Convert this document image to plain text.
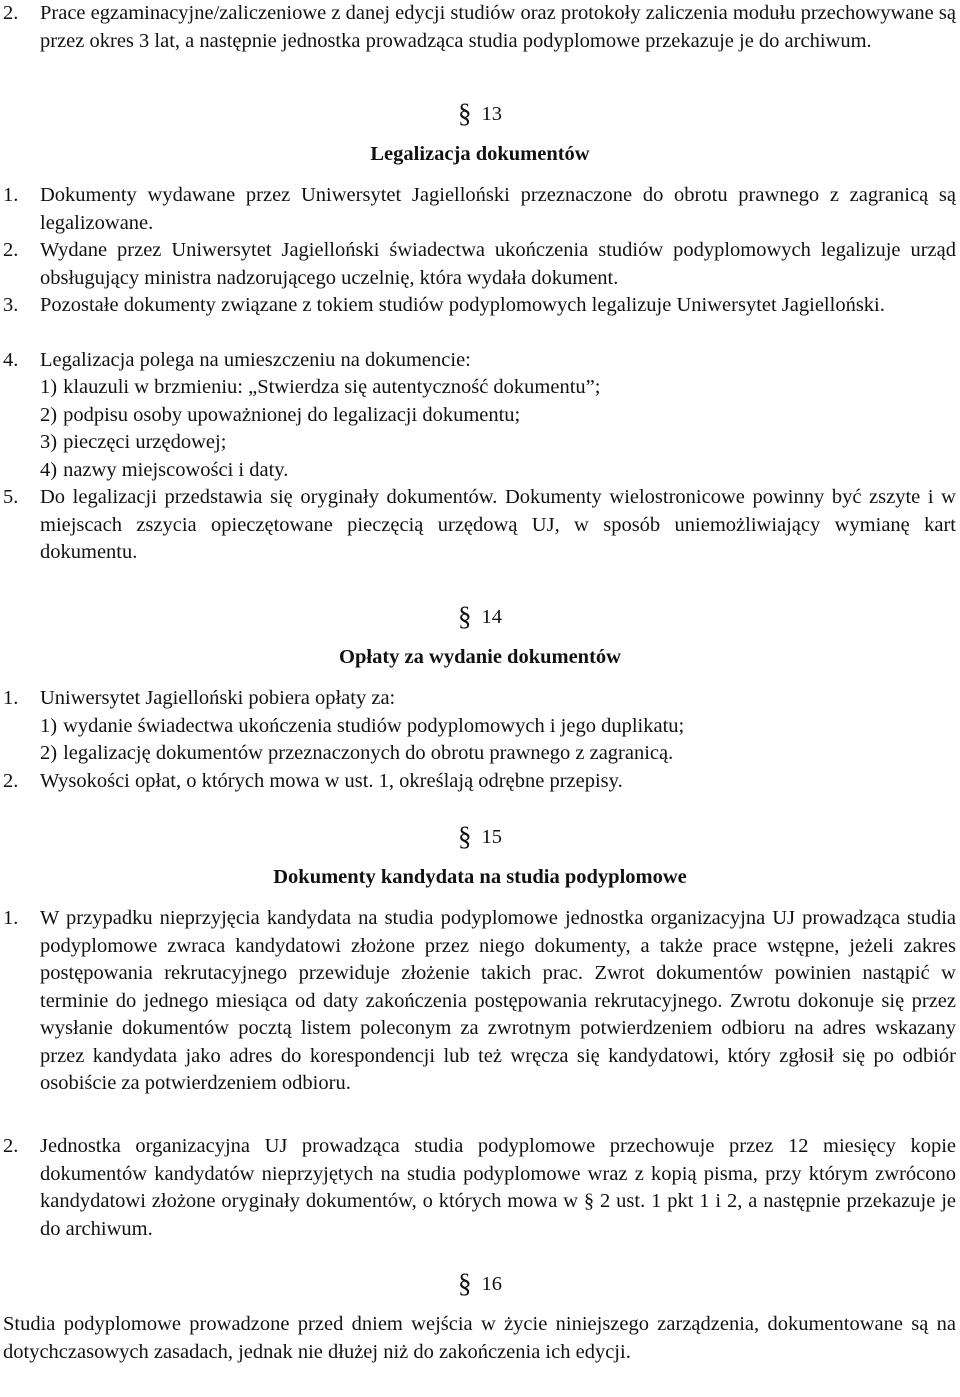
2. Prace egzaminacyjne/zaliczeniowe z danej edycji studiów oraz protokoły zaliczenia modułu przechowywane są przez okres 3 lat, a następnie jednostka prowadząca studia podyplomowe przekazuje je do archiwum.
§ 13
Legalizacja dokumentów
1. Dokumenty wydawane przez Uniwersytet Jagielloński przeznaczone do obrotu prawnego z zagranicą są legalizowane.
2. Wydane przez Uniwersytet Jagielloński świadectwa ukończenia studiów podyplomowych legalizuje urząd obsługujący ministra nadzorującego uczelnię, która wydała dokument.
3. Pozostałe dokumenty związane z tokiem studiów podyplomowych legalizuje Uniwersytet Jagielloński.
4. Legalizacja polega na umieszczeniu na dokumencie:
1) klauzuli w brzmieniu: „Stwierdza się autentyczność dokumentu”;
2) podpisu osoby upoważnionej do legalizacji dokumentu;
3) pieczęci urzędowej;
4) nazwy miejscowości i daty.
5. Do legalizacji przedstawia się oryginały dokumentów. Dokumenty wielostronicowe powinny być zszyte i w miejscach zszycia opieczętowane pieczęcią urzędową UJ, w sposób uniemożliwiający wymianę kart dokumentu.
§ 14
Opłaty za wydanie dokumentów
1. Uniwersytet Jagielloński pobiera opłaty za:
1) wydanie świadectwa ukończenia studiów podyplomowych i jego duplikatu;
2) legalizację dokumentów przeznaczonych do obrotu prawnego z zagranicą.
2. Wysokości opłat, o których mowa w ust. 1, określają odrębne przepisy.
§ 15
Dokumenty kandydata na studia podyplomowe
1. W przypadku nieprzyjęcia kandydata na studia podyplomowe jednostka organizacyjna UJ prowadząca studia podyplomowe zwraca kandydatowi złożone przez niego dokumenty, a także prace wstępne, jeżeli zakres postępowania rekrutacyjnego przewiduje złożenie takich prac. Zwrot dokumentów powinien nastąpić w terminie do jednego miesiąca od daty zakończenia postępowania rekrutacyjnego. Zwrotu dokonuje się przez wysłanie dokumentów pocztą listem poleconym za zwrotnym potwierdzeniem odbioru na adres wskazany przez kandydata jako adres do korespondencji lub też wręcza się kandydatowi, który zgłosił się po odbiór osobiście za potwierdzeniem odbioru.
2. Jednostka organizacyjna UJ prowadząca studia podyplomowe przechowuje przez 12 miesięcy kopie dokumentów kandydatów nieprzyjętych na studia podyplomowe wraz z kopią pisma, przy którym zwrócono kandydatowi złożone oryginały dokumentów, o których mowa w § 2 ust. 1 pkt 1 i 2, a następnie przekazuje je do archiwum.
§ 16
Studia podyplomowe prowadzone przed dniem wejścia w życie niniejszego zarządzenia, dokumentowane są na dotychczasowych zasadach, jednak nie dłużej niż do zakończenia ich edycji.
